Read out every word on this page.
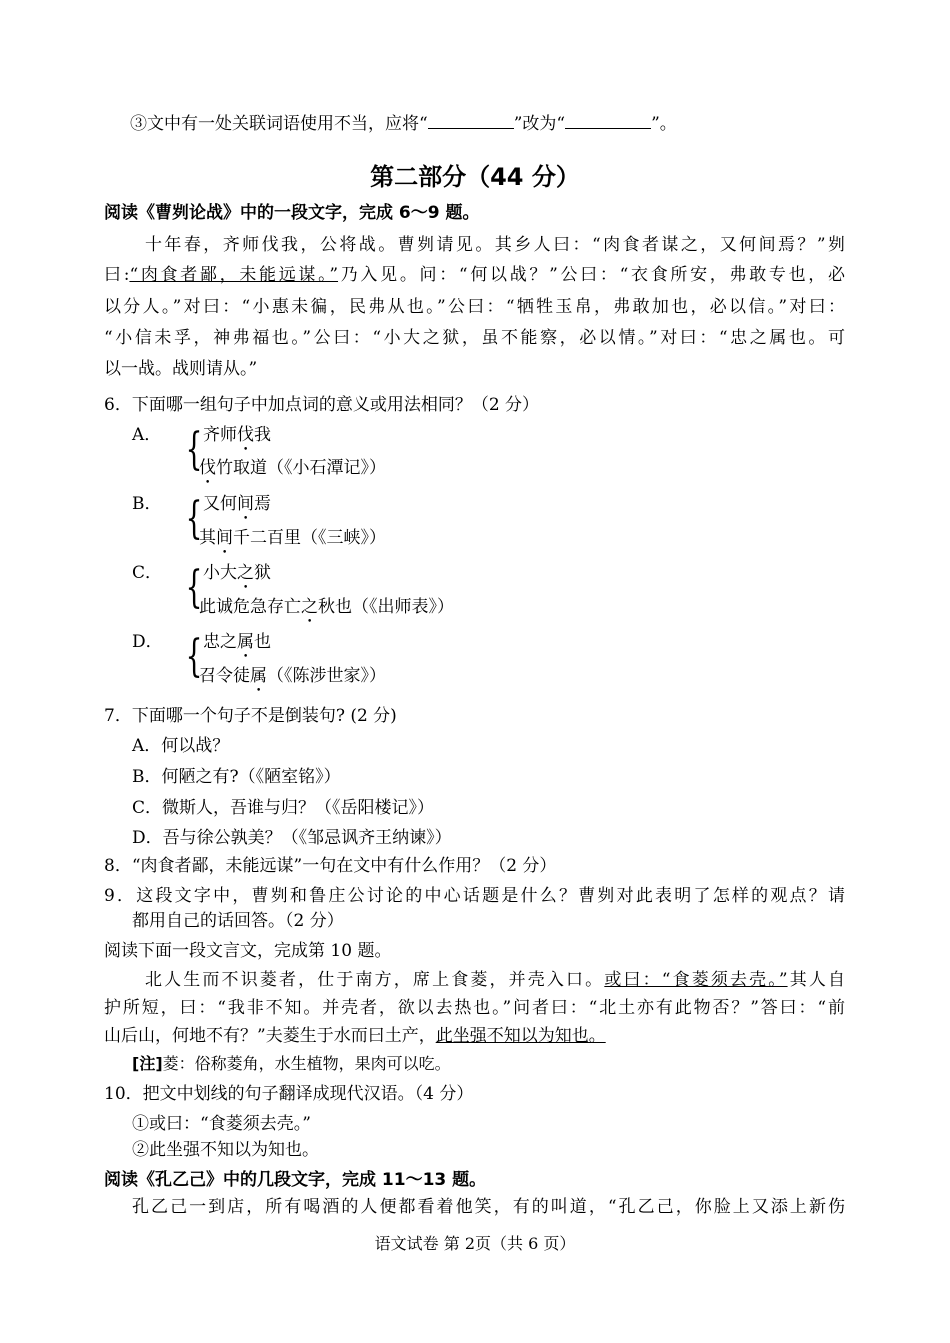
③文中有一处关联词语使用不当，应将“	”改为“	”。
第二部分（44 分）
阅读《曹刿论战》中的一段文字，完成 6～9 题。
十年春，齐师伐我，公将战。曹刿请见。其乡人曰：“肉食者谋之，又何间焉？”刿
曰:“肉食者鄙，未能远谋。”乃入见。问：“何以战？”公曰：“衣食所安，弗敢专也，必
以分人。”对曰：“小惠未徧，民弗从也。”公曰：“牺牲玉帛，弗敢加也，必以信。”对曰：
“小信未孚，神弗福也。”公曰：“小大之狱，虽不能察，必以情。”对曰：“忠之属也。可
以一战。战则请从。”
6．下面哪一组句子中加点词的意义或用法相同？（2 分）
A． { 齐师伐我
伐竹取道（《小石潭记》）
B． { 又何间焉
其间千二百里（《三峡》）
C． { 小大之狱
此诚危急存亡之秋也（《出师表》）
D． { 忠之属也
召令徒属（《陈涉世家》）
7．下面哪一个句子不是倒装句? (2 分)
A．何以战？
B．何陋之有?（《陋室铭》）
C．微斯人，吾谁与归？（《岳阳楼记》）
D．吾与徐公孰美？（《邹忌讽齐王纳谏》）
8．“肉食者鄙，未能远谋”一句在文中有什么作用？（2 分）
9．这段文字中，曹刿和鲁庄公讨论的中心话题是什么？曹刿对此表明了怎样的观点？请
都用自己的话回答。（2 分）
阅读下面一段文言文，完成第 10 题。
北人生而不识菱者，仕于南方，席上食菱，并壳入口。或曰：“食菱须去壳。”其人自
护所短，曰：“我非不知。并壳者，欲以去热也。”问者曰：“北土亦有此物否？”答曰：“前
山后山，何地不有？”夫菱生于水而曰土产，此坐强不知以为知也。
[注]菱：俗称菱角，水生植物，果肉可以吃。
10．把文中划线的句子翻译成现代汉语。（4 分）
①或曰：“食菱须去壳。”
②此坐强不知以为知也。
阅读《孔乙己》中的几段文字，完成 11～13 题。
孔乙己一到店，所有喝酒的人便都看着他笑，有的叫道，“孔乙己，你脸上又添上新伤
语文试卷 第 2页（共 6 页）
